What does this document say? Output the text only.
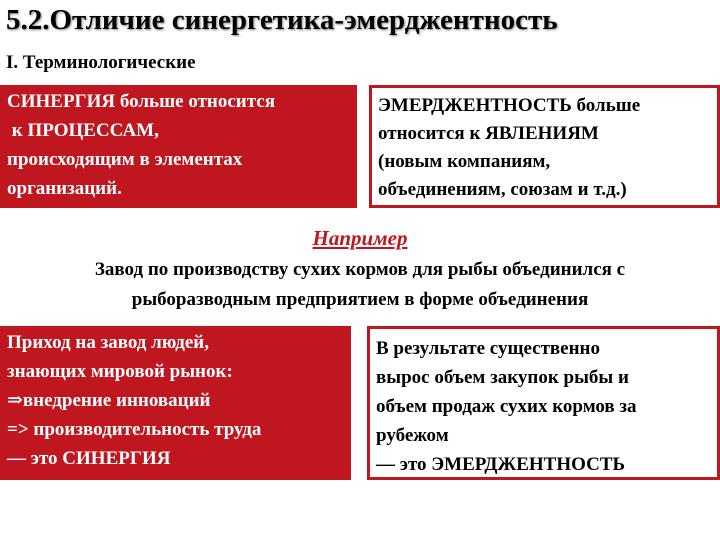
5.2.Отличие синергетика-эмерджентность
I. Терминологические
СИНЕРГИЯ больше относится
к ПРОЦЕССАМ,
происходящим в элементах
организаций.
ЭМЕРДЖЕНТНОСТЬ больше
относится к ЯВЛЕНИЯМ
(новым компаниям,
объединениям, союзам и т.д.)
Например
Завод по производству сухих кормов для рыбы объединился с
рыборазводным предприятием в форме объединения
Приход на завод людей,
знающих мировой рынок:
⇒внедрение инноваций
=> производительность труда
— это СИНЕРГИЯ
В результате существенно
вырос объем закупок рыбы и
объем продаж сухих кормов за
рубежом
— это ЭМЕРДЖЕНТНОСТЬ
